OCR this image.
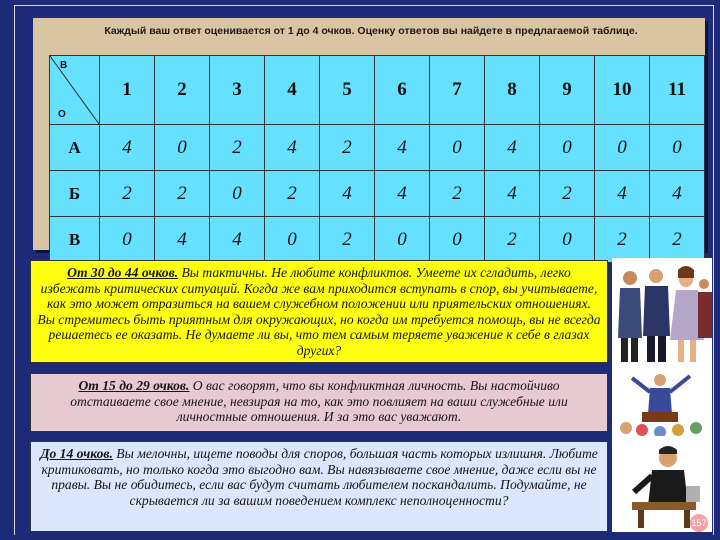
Каждый ваш ответ оценивается от 1 до 4 очков. Оценку ответов вы найдете в предлагаемой таблице.
В
О	1	2	3	4	5	6	7	8	9	10	11
А	4	0	2	4	2	4	0	4	0	0	0
Б	2	2	0	2	4	4	2	4	2	4	4
В	0	4	4	0	2	0	0	2	0	2	2
От 30 до 44 очков. Вы тактичны. Не любите конфликтов. Умеете их сгладить, легко избежать критических ситуаций. Когда же вам приходится вступать в спор, вы учитываете, как это может отразиться на вашем служебном положении или приятельских отношениях. Вы стремитесь быть приятным для окружающих, но когда им требуется помощь, вы не всегда решаетесь ее оказать. Не думаете ли вы, что тем самым теряете уважение к себе в глазах других?
От 15 до 29 очков. О вас говорят, что вы конфликтная личность. Вы настойчиво отстаиваете свое мнение, невзирая на то, как это повлияет на ваши служебные или личностные отношения. И за это вас уважают.
До 14 очков. Вы мелочны, ищете поводы для споров, большая часть которых излишня. Любите критиковать, но только когда это выгодно вам. Вы навязываете свое мнение, даже если вы не правы. Вы не обидитесь, если вас будут считать любителем поскандалить. Подумайте, не скрывается ли за вашим поведением комплекс неполноценности?
157
